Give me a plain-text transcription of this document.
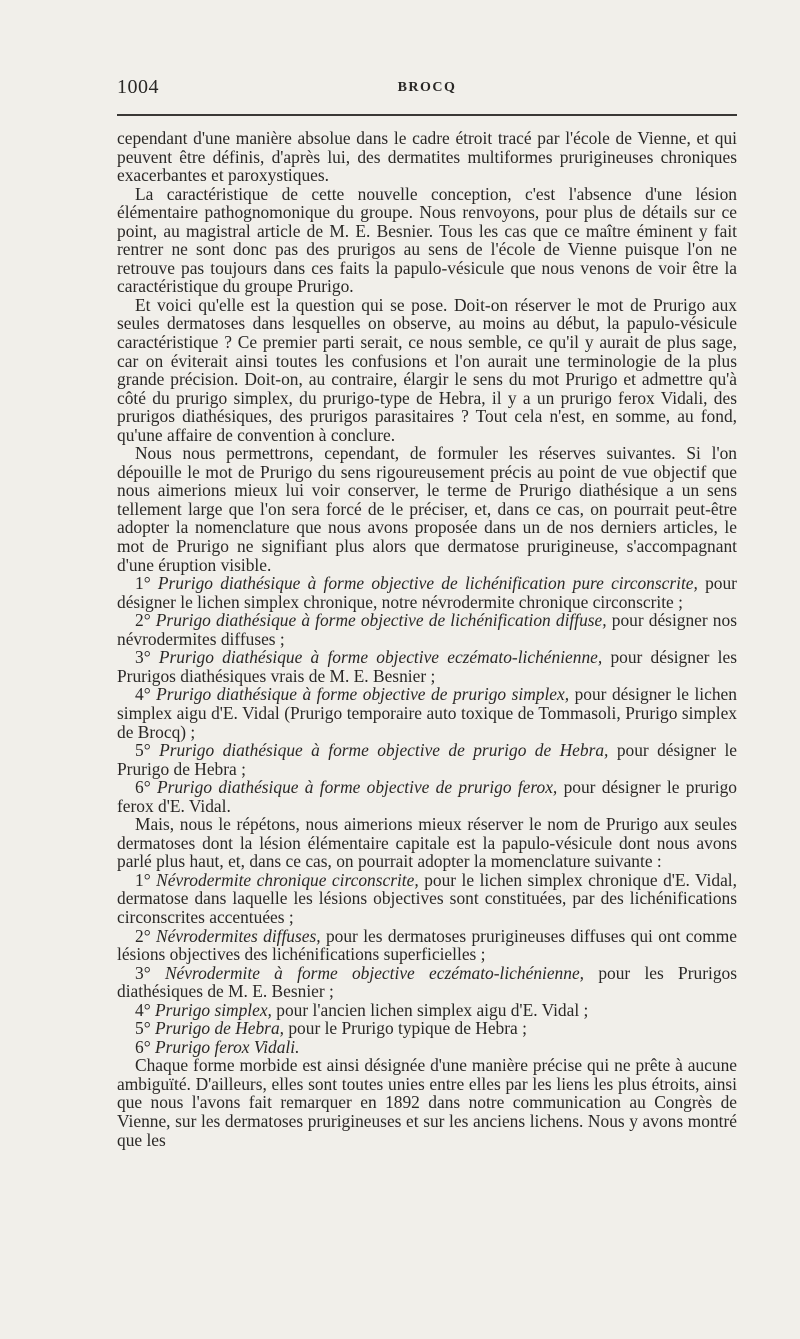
1004	BROCQ

cependant d'une manière absolue dans le cadre étroit tracé par l'école de Vienne, et qui peuvent être définis, d'après lui, des dermatites multiformes prurigineuses chroniques exacerbantes et paroxystiques.

La caractéristique de cette nouvelle conception, c'est l'absence d'une lésion élémentaire pathognomonique du groupe. Nous renvoyons, pour plus de détails sur ce point, au magistral article de M. E. Besnier. Tous les cas que ce maître éminent y fait rentrer ne sont donc pas des prurigos au sens de l'école de Vienne puisque l'on ne retrouve pas toujours dans ces faits la papulo-vésicule que nous venons de voir être la caractéristique du groupe Prurigo.

Et voici qu'elle est la question qui se pose. Doit-on réserver le mot de Prurigo aux seules dermatoses dans lesquelles on observe, au moins au début, la papulo-vésicule caractéristique ? Ce premier parti serait, ce nous semble, ce qu'il y aurait de plus sage, car on éviterait ainsi toutes les confusions et l'on aurait une terminologie de la plus grande précision. Doit-on, au contraire, élargir le sens du mot Prurigo et admettre qu'à côté du prurigo simplex, du prurigo-type de Hebra, il y a un prurigo ferox Vidali, des prurigos diathésiques, des prurigos parasitaires ? Tout cela n'est, en somme, au fond, qu'une affaire de convention à conclure.

Nous nous permettrons, cependant, de formuler les réserves suivantes. Si l'on dépouille le mot de Prurigo du sens rigoureusement précis au point de vue objectif que nous aimerions mieux lui voir conserver, le terme de Prurigo diathésique a un sens tellement large que l'on sera forcé de le préciser, et, dans ce cas, on pourrait peut-être adopter la nomenclature que nous avons proposée dans un de nos derniers articles, le mot de Prurigo ne signifiant plus alors que dermatose prurigineuse, s'accompagnant d'une éruption visible.

1° Prurigo diathésique à forme objective de lichénification pure circonscrite, pour désigner le lichen simplex chronique, notre névrodermite chronique circonscrite ;

2° Prurigo diathésique à forme objective de lichénification diffuse, pour désigner nos névrodermites diffuses ;

3° Prurigo diathésique à forme objective eczémato-lichénienne, pour désigner les Prurigos diathésiques vrais de M. E. Besnier ;

4° Prurigo diathésique à forme objective de prurigo simplex, pour désigner le lichen simplex aigu d'E. Vidal (Prurigo temporaire auto toxique de Tommasoli, Prurigo simplex de Brocq) ;

5° Prurigo diathésique à forme objective de prurigo de Hebra, pour désigner le Prurigo de Hebra ;

6° Prurigo diathésique à forme objective de prurigo ferox, pour désigner le prurigo ferox d'E. Vidal.

Mais, nous le répétons, nous aimerions mieux réserver le nom de Prurigo aux seules dermatoses dont la lésion élémentaire capitale est la papulo-vésicule dont nous avons parlé plus haut, et, dans ce cas, on pourrait adopter la momenclature suivante :

1° Névrodermite chronique circonscrite, pour le lichen simplex chronique d'E. Vidal, dermatose dans laquelle les lésions objectives sont constituées, par des lichénifications circonscrites accentuées ;

2° Névrodermites diffuses, pour les dermatoses prurigineuses diffuses qui ont comme lésions objectives des lichénifications superficielles ;

3° Névrodermite à forme objective eczémato-lichénienne, pour les Prurigos diathésiques de M. E. Besnier ;

4° Prurigo simplex, pour l'ancien lichen simplex aigu d'E. Vidal ;

5° Prurigo de Hebra, pour le Prurigo typique de Hebra ;

6° Prurigo ferox Vidali.

Chaque forme morbide est ainsi désignée d'une manière précise qui ne prête à aucune ambiguïté. D'ailleurs, elles sont toutes unies entre elles par les liens les plus étroits, ainsi que nous l'avons fait remarquer en 1892 dans notre communication au Congrès de Vienne, sur les dermatoses prurigineuses et sur les anciens lichens. Nous y avons montré que les
